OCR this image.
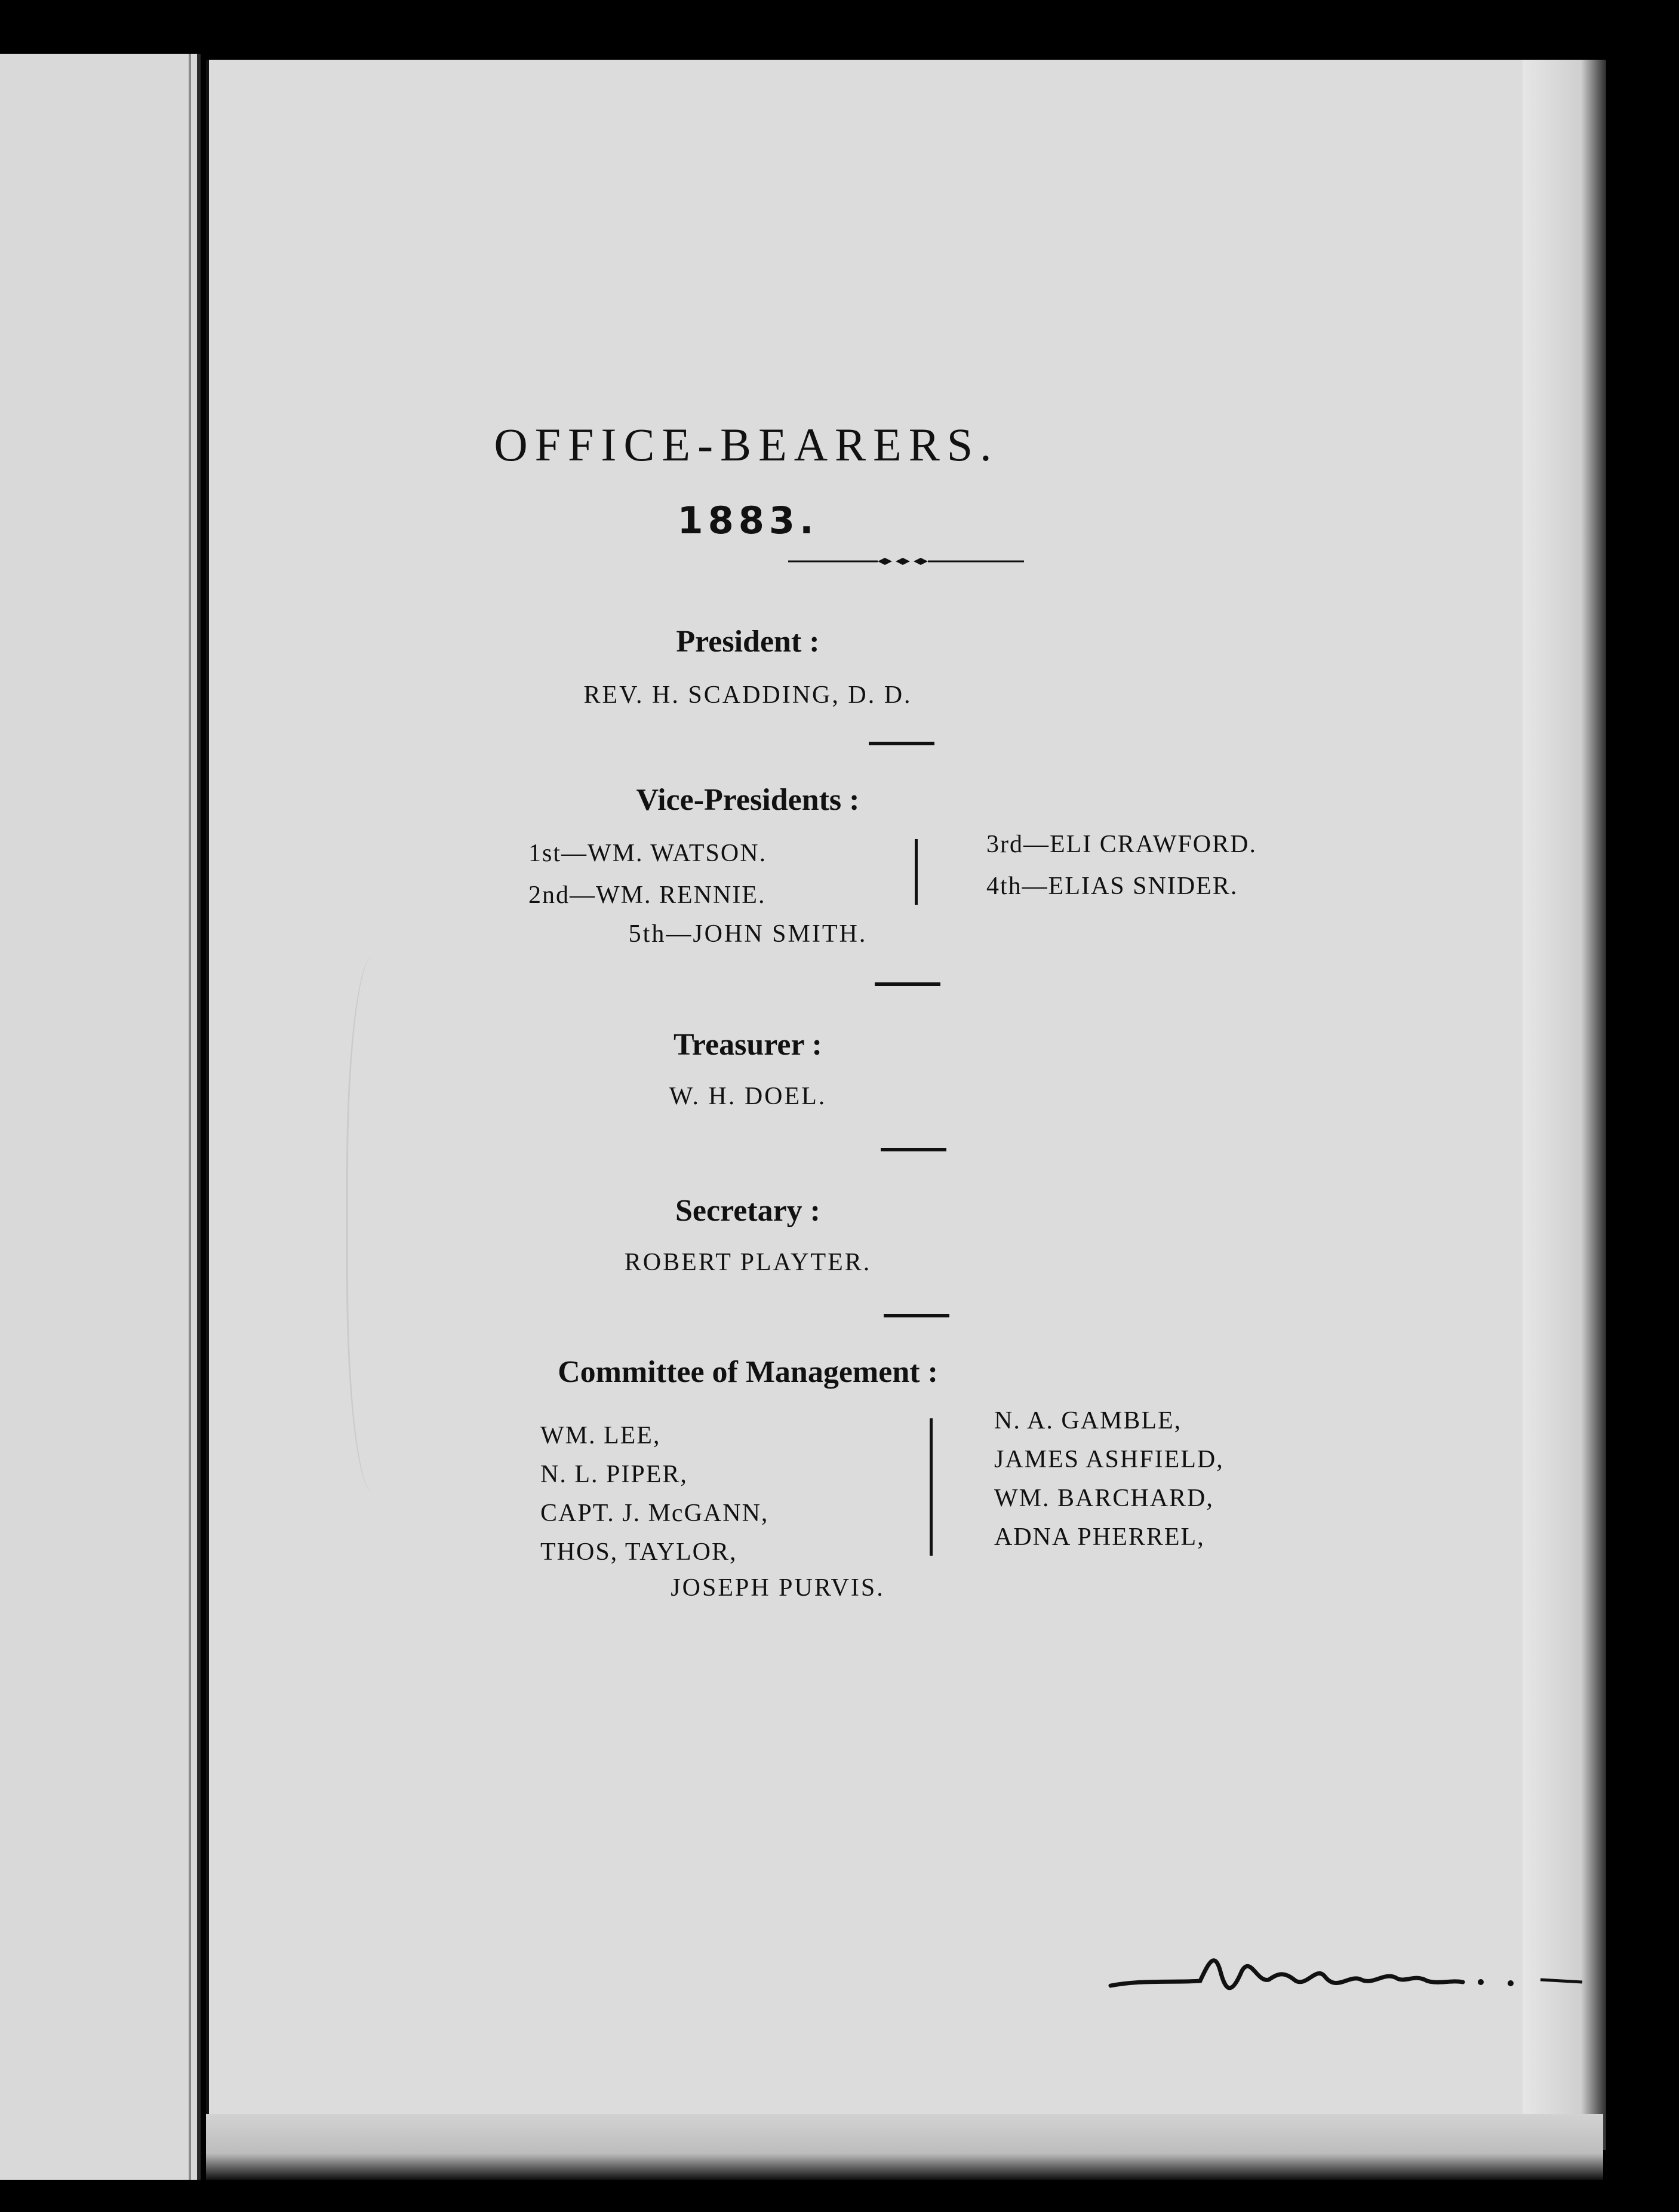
OFFICE-BEARERS.
1883.
President :
REV. H. SCADDING, D. D.
Vice-Presidents :
1st—WM. WATSON.
2nd—WM. RENNIE.
3rd—ELI CRAWFORD.
4th—ELIAS SNIDER.
5th—JOHN SMITH.
Treasurer :
W. H. DOEL.
Secretary :
ROBERT PLAYTER.
Committee of Management :
WM. LEE,
N. L. PIPER,
CAPT. J. McGANN,
THOS, TAYLOR,
N. A. GAMBLE,
JAMES ASHFIELD,
WM. BARCHARD,
ADNA PHERREL,
JOSEPH PURVIS.
